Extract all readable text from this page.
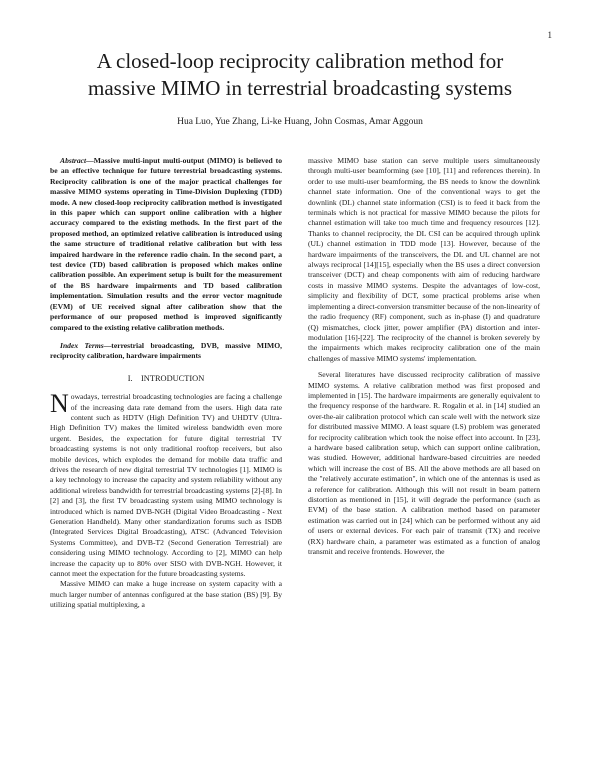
1
A closed-loop reciprocity calibration method for
massive MIMO in terrestrial broadcasting systems
Hua Luo, Yue Zhang, Li-ke Huang, John Cosmas, Amar Aggoun

Abstract—Massive multi-input multi-output (MIMO) is believed to be an effective technique for future terrestrial broadcasting systems. Reciprocity calibration is one of the major practical challenges for massive MIMO systems operating in Time-Division Duplexing (TDD) mode. A new closed-loop reciprocity calibration method is investigated in this paper which can support online calibration with a higher accuracy compared to the existing methods. In the first part of the proposed method, an optimized relative calibration is introduced using the same structure of traditional relative calibration but with less impaired hardware in the reference radio chain. In the second part, a test device (TD) based calibration is proposed which makes online calibration possible. An experiment setup is built for the measurement of the BS hardware impairments and TD based calibration implementation. Simulation results and the error vector magnitude (EVM) of UE received signal after calibration show that the performance of our proposed method is improved significantly compared to the existing relative calibration methods.

Index Terms—terrestrial broadcasting, DVB, massive MIMO, reciprocity calibration, hardware impairments

I. INTRODUCTION

Nowadays, terrestrial broadcasting technologies are facing a challenge of the increasing data rate demand from the users. High data rate content such as HDTV (High Definition TV) and UHDTV (Ultra-High Definition TV) makes the limited wireless bandwidth even more urgent. Besides, the expectation for future digital terrestrial TV broadcasting systems is not only traditional rooftop receivers, but also mobile devices, which explodes the demand for mobile data traffic and drives the research of new digital terrestrial TV technologies [1]. MIMO is a key technology to increase the capacity and system reliability without any additional wireless bandwidth for terrestrial broadcasting systems [2]-[8]. In [2] and [3], the first TV broadcasting system using MIMO technology is introduced which is named DVB-NGH (Digital Video Broadcasting - Next Generation Handheld). Many other standardization forums such as ISDB (Integrated Services Digital Broadcasting), ATSC (Advanced Television Systems Committee), and DVB-T2 (Second Generation Terrestrial) are considering using MIMO technology. According to [2], MIMO can help increase the capacity up to 80% over SISO with DVB-NGH. However, it cannot meet the expectation for the future broadcasting systems.

Massive MIMO can make a huge increase on system capacity with a much larger number of antennas configured at the base station (BS) [9]. By utilizing spatial multiplexing, a

massive MIMO base station can serve multiple users simultaneously through multi-user beamforming (see [10], [11] and references therein). In order to use multi-user beamforming, the BS needs to know the downlink channel state information. One of the conventional ways to get the downlink (DL) channel state information (CSI) is to feed it back from the terminals which is not practical for massive MIMO because the pilots for channel estimation will take too much time and frequency resources [12]. Thanks to channel reciprocity, the DL CSI can be acquired through uplink (UL) channel estimation in TDD mode [13]. However, because of the hardware impairments of the transceivers, the DL and UL channel are not always reciprocal [14][15], especially when the BS uses a direct conversion transceiver (DCT) and cheap components with aim of reducing hardware costs in massive MIMO systems. Despite the advantages of low-cost, simplicity and flexibility of DCT, some practical problems arise when implementing a direct-conversion transmitter because of the non-linearity of the radio frequency (RF) component, such as in-phase (I) and quadrature (Q) mismatches, clock jitter, power amplifier (PA) distortion and inter-modulation [16]-[22]. The reciprocity of the channel is broken severely by the impairments which makes reciprocity calibration one of the main challenges of massive MIMO systems' implementation.

Several literatures have discussed reciprocity calibration of massive MIMO systems. A relative calibration method was first proposed and implemented in [15]. The hardware impairments are generally equivalent to the frequency response of the hardware. R. Rogalin et al. in [14] studied an over-the-air calibration protocol which can scale well with the network size for distributed massive MIMO. A least square (LS) problem was generated for reciprocity calibration which took the noise effect into account. In [23], a hardware based calibration setup, which can support online calibration, was studied. However, additional hardware-based circuitries are needed which will increase the cost of BS. All the above methods are all based on the "relatively accurate estimation", in which one of the antennas is used as a reference for calibration. Although this will not result in beam pattern distortion as mentioned in [15], it will degrade the performance (such as EVM) of the base station. A calibration method based on parameter estimation was carried out in [24] which can be performed without any aid of users or external devices. For each pair of transmit (TX) and receive (RX) hardware chain, a parameter was estimated as a function of analog transmit and receive frontends. However, the
